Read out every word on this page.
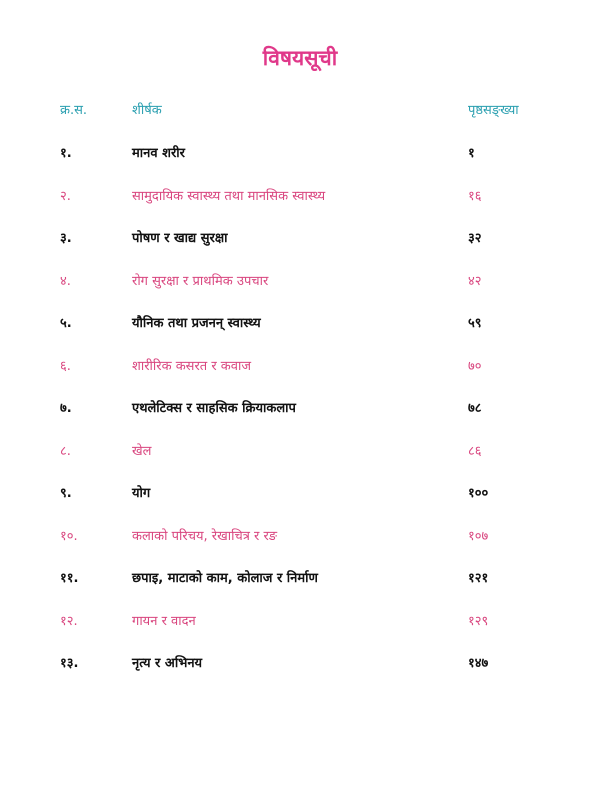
विषयसूची
क्र.स.	शीर्षक	पृष्ठसङ्ख्या
१.	मानव शरीर	१
२.	सामुदायिक स्वास्थ्य तथा मानसिक स्वास्थ्य	१६
३.	पोषण र खाद्य सुरक्षा	३२
४.	रोग सुरक्षा र प्राथमिक उपचार	४२
५.	यौनिक तथा प्रजनन् स्वास्थ्य	५९
६.	शारीरिक कसरत र कवाज	७०
७.	एथलेटिक्स र साहसिक क्रियाकलाप	७८
८.	खेल	८६
९.	योग	१००
१०.	कलाको परिचय, रेखाचित्र र रङ	१०७
११.	छपाइ, माटाको काम, कोलाज र निर्माण	१२१
१२.	गायन र वादन	१२९
१३.	नृत्य र अभिनय	१४७
